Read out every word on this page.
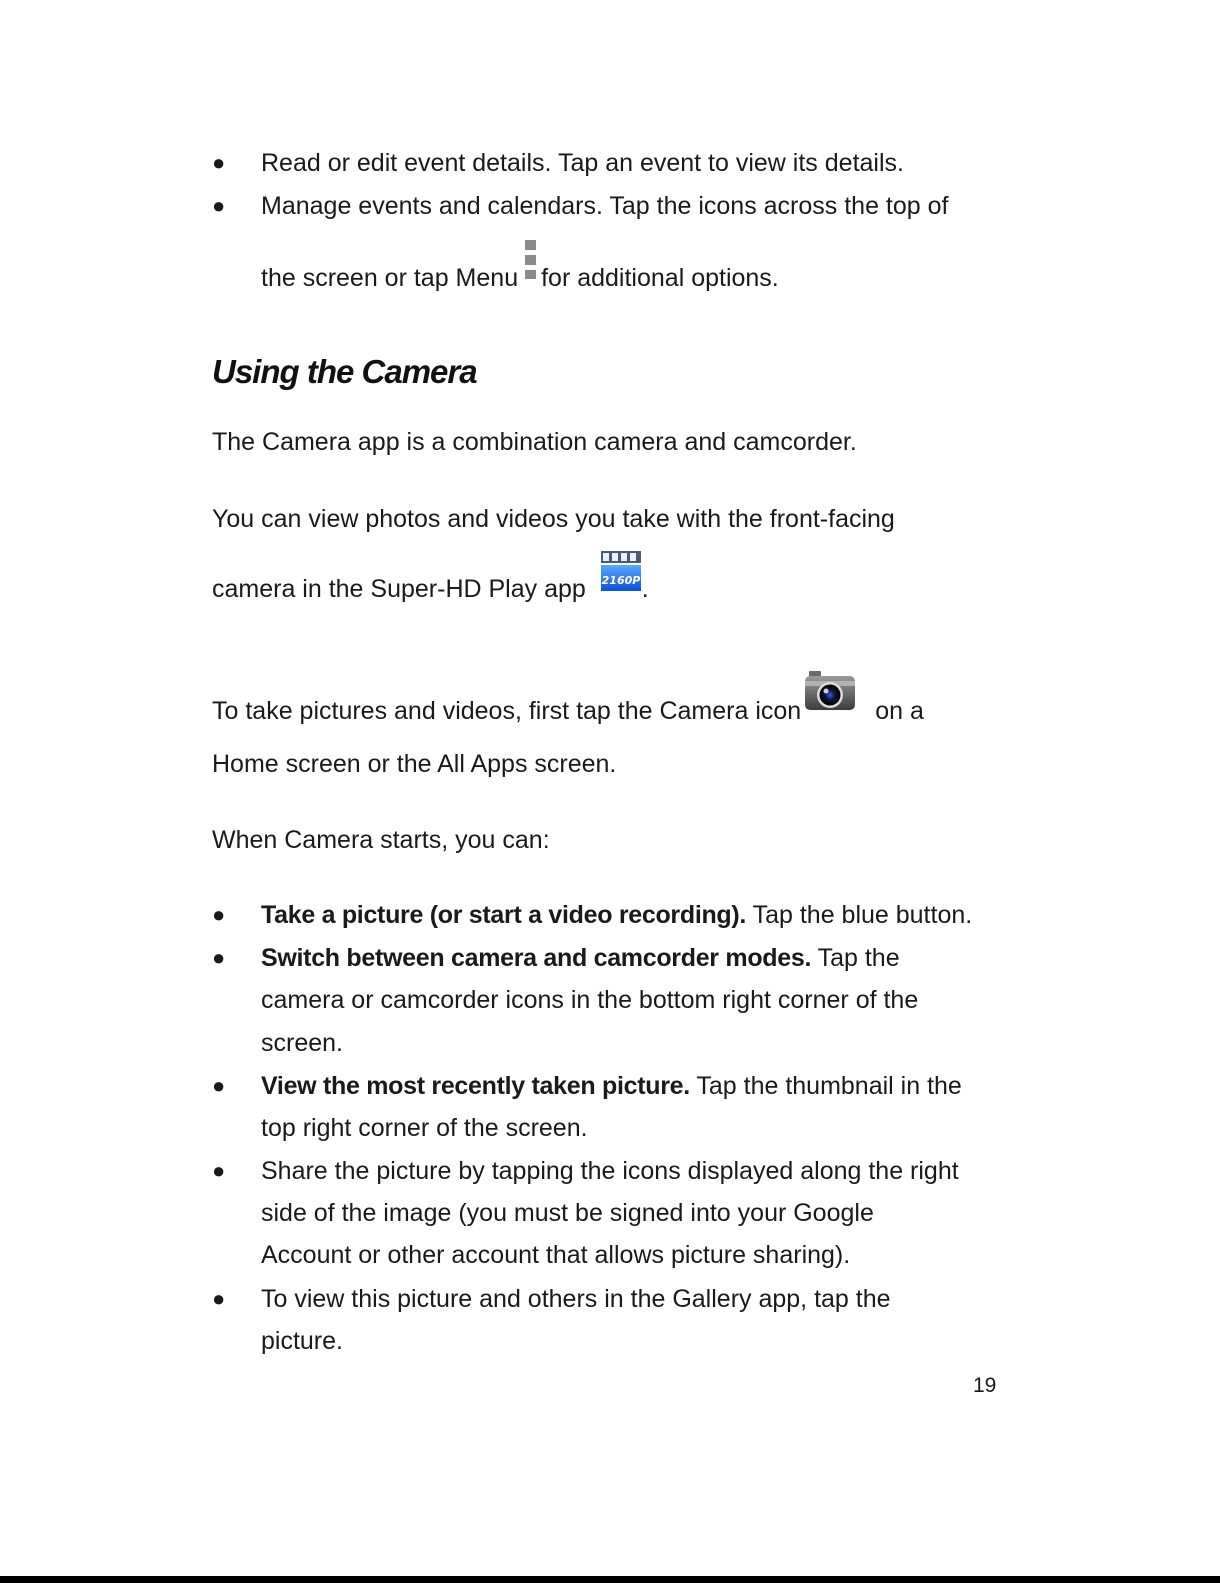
● Read or edit event details. Tap an event to view its details.
● Manage events and calendars. Tap the icons across the top of
the screen or tap Menu for additional options.
Using the Camera
The Camera app is a combination camera and camcorder.
You can view photos and videos you take with the front-facing
camera in the Super-HD Play app 2160P .
To take pictures and videos, first tap the Camera icon	on a
Home screen or the All Apps screen.
When Camera starts, you can:
● Take a picture (or start a video recording). Tap the blue button.
● Switch between camera and camcorder modes. Tap the
camera or camcorder icons in the bottom right corner of the
screen.
● View the most recently taken picture. Tap the thumbnail in the
top right corner of the screen.
● Share the picture by tapping the icons displayed along the right
side of the image (you must be signed into your Google
Account or other account that allows picture sharing).
● To view this picture and others in the Gallery app, tap the
picture.
19
